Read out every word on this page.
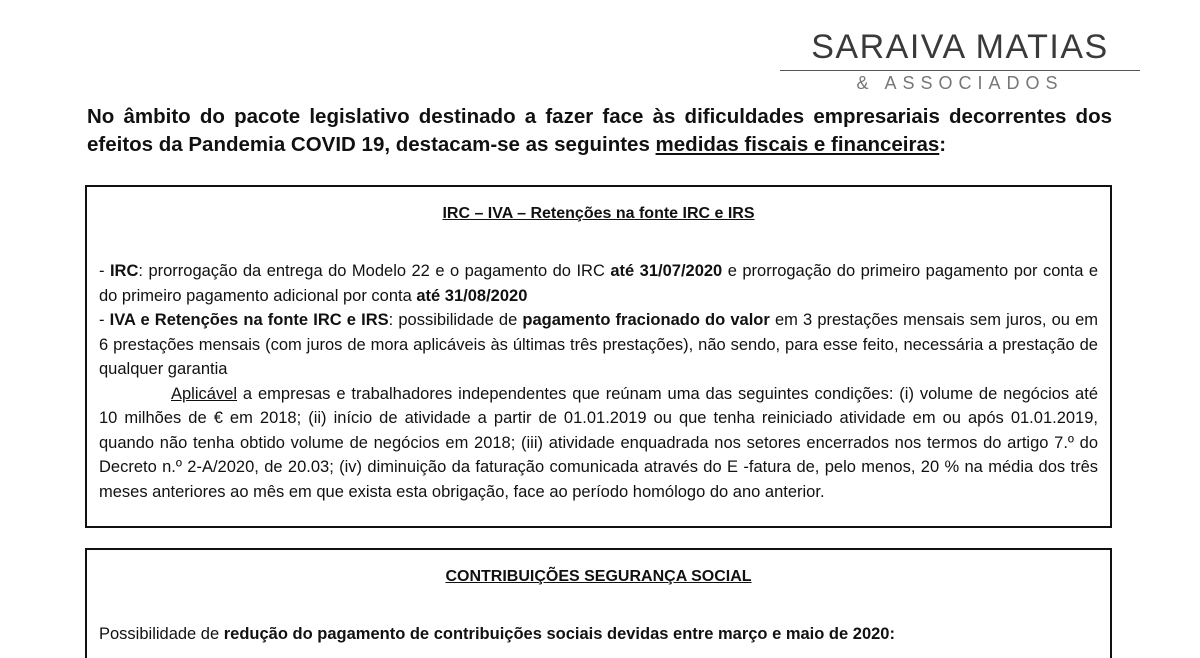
SARAIVA MATIAS
& ASSOCIADOS
No âmbito do pacote legislativo destinado a fazer face às dificuldades empresariais decorrentes dos efeitos da Pandemia COVID 19, destacam-se as seguintes medidas fiscais e financeiras:
IRC – IVA – Retenções na fonte IRC e IRS
- IRC: prorrogação da entrega do Modelo 22 e o pagamento do IRC até 31/07/2020 e prorrogação do primeiro pagamento por conta e do primeiro pagamento adicional por conta até 31/08/2020
- IVA e Retenções na fonte IRC e IRS: possibilidade de pagamento fracionado do valor em 3 prestações mensais sem juros, ou em 6 prestações mensais (com juros de mora aplicáveis às últimas três prestações), não sendo, para esse feito, necessária a prestação de qualquer garantia
Aplicável a empresas e trabalhadores independentes que reúnam uma das seguintes condições: (i) volume de negócios até 10 milhões de € em 2018; (ii) início de atividade a partir de 01.01.2019 ou que tenha reiniciado atividade em ou após 01.01.2019, quando não tenha obtido volume de negócios em 2018; (iii) atividade enquadrada nos setores encerrados nos termos do artigo 7.º do Decreto n.º 2-A/2020, de 20.03; (iv) diminuição da faturação comunicada através do E -fatura de, pelo menos, 20 % na média dos três meses anteriores ao mês em que exista esta obrigação, face ao período homólogo do ano anterior.
CONTRIBUIÇÕES SEGURANÇA SOCIAL
Possibilidade de redução do pagamento de contribuições sociais devidas entre março e maio de 2020:
